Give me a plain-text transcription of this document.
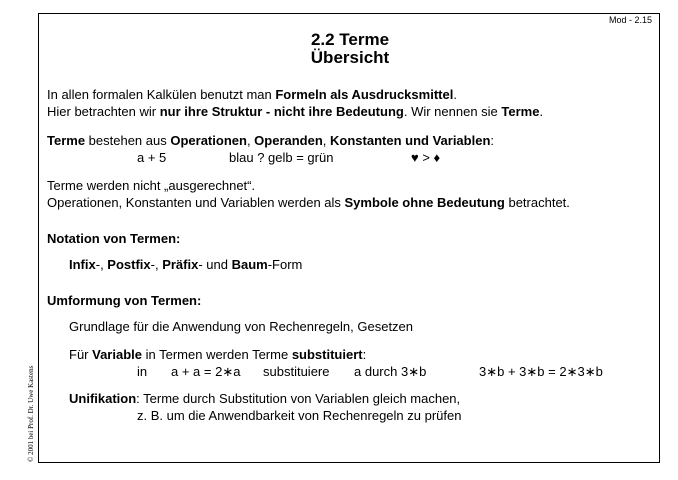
Mod - 2.15
© 2001 bei Prof. Dr. Uwe Kastens
2.2 Terme
Übersicht
In allen formalen Kalkülen benutzt man Formeln als Ausdrucksmittel.
Hier betrachten wir nur ihre Struktur - nicht ihre Bedeutung. Wir nennen sie Terme.
Terme bestehen aus Operationen, Operanden, Konstanten und Variablen:
a + 5	blau ? gelb = grün	♥ > ♦
Terme werden nicht „ausgerechnet“.
Operationen, Konstanten und Variablen werden als Symbole ohne Bedeutung betrachtet.
Notation von Termen:
Infix-, Postfix-, Präfix- und Baum-Form
Umformung von Termen:
Grundlage für die Anwendung von Rechenregeln, Gesetzen
Für Variable in Termen werden Terme substituiert:
in a + a = 2∗a substituiere a durch 3∗b	3∗b + 3∗b = 2∗3∗b
Unifikation: Terme durch Substitution von Variablen gleich machen,
z. B. um die Anwendbarkeit von Rechenregeln zu prüfen
